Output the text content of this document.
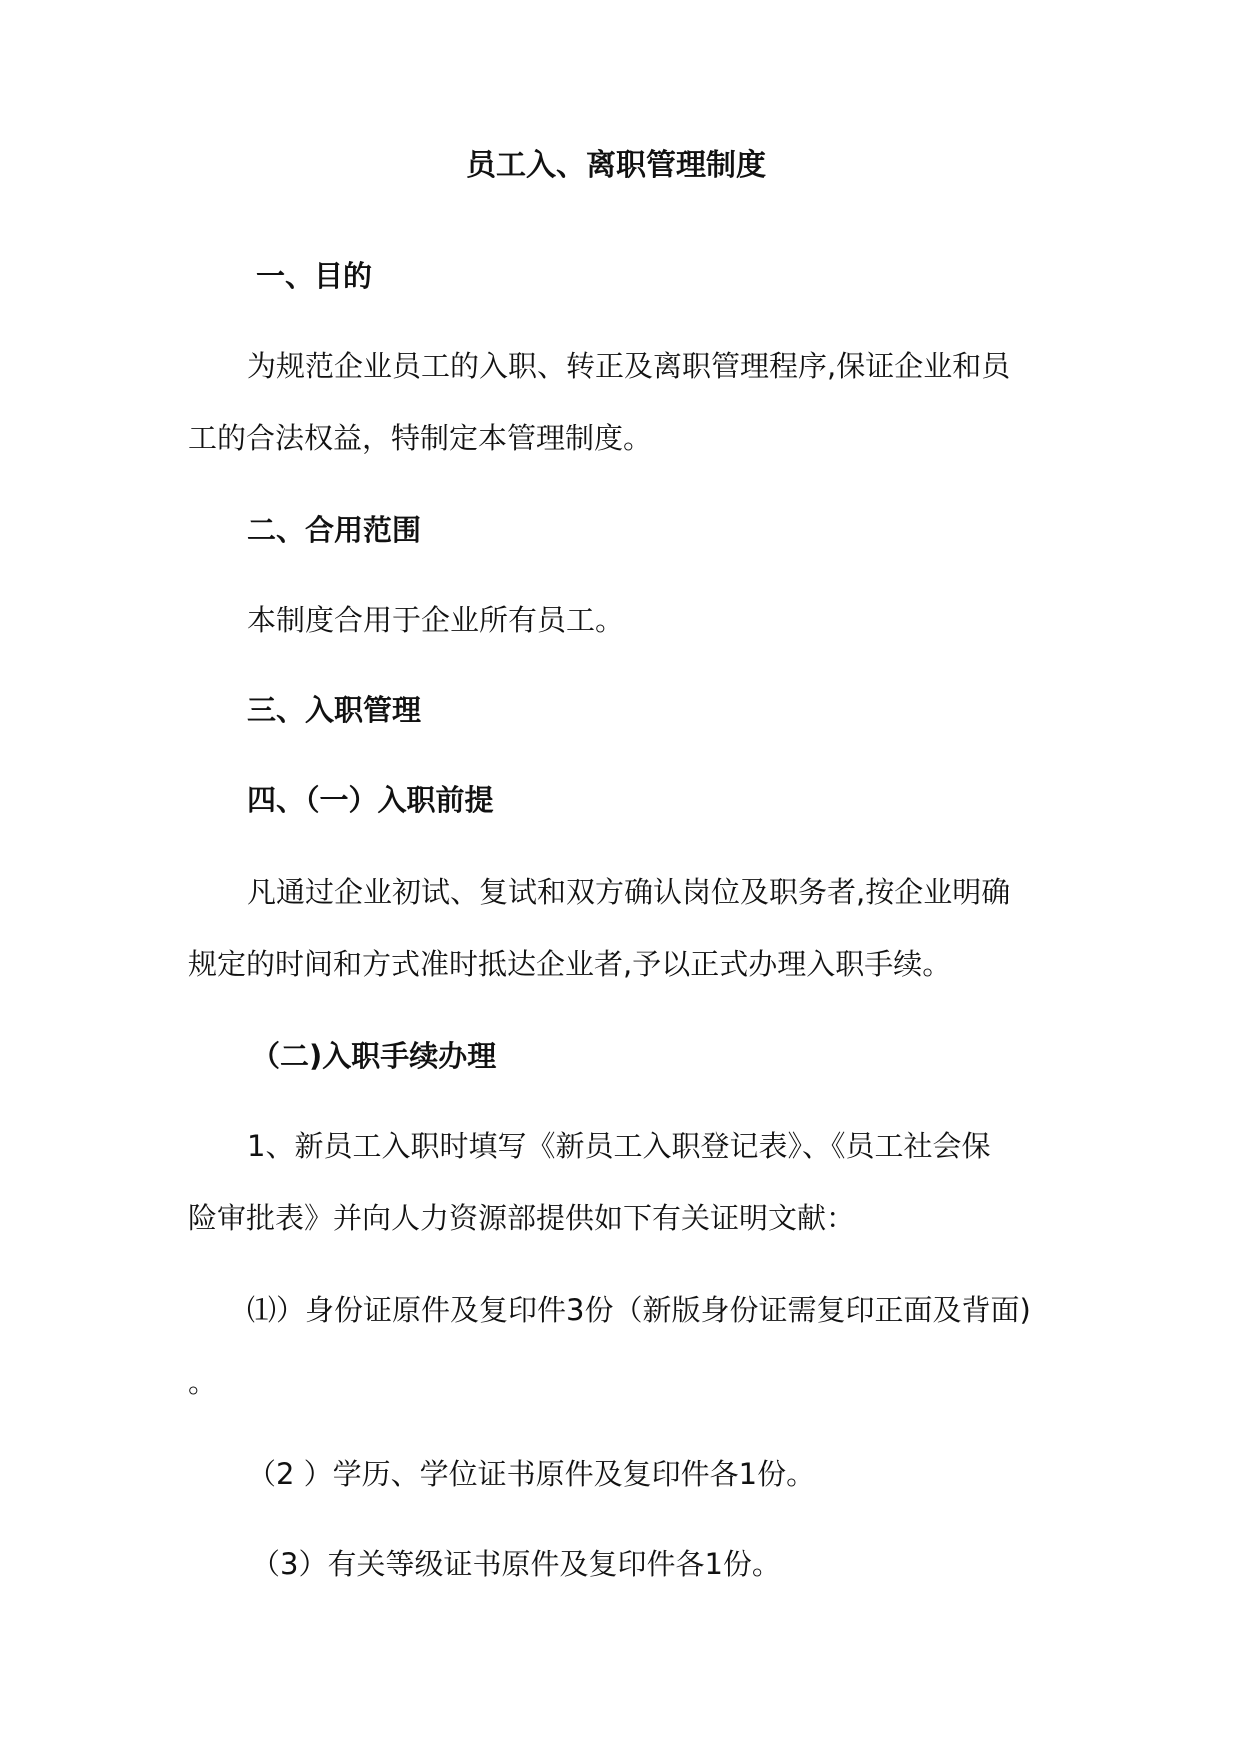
员工入、离职管理制度
一、目的
为规范企业员工的入职、转正及离职管理程序,保证企业和员
工的合法权益，特制定本管理制度。
二、合用范围
本制度合用于企业所有员工。
三、入职管理
四、（一）入职前提
凡通过企业初试、复试和双方确认岗位及职务者,按企业明确
规定的时间和方式准时抵达企业者,予以正式办理入职手续。
（二)入职手续办理
1、新员工入职时填写《新员工入职登记表》、《员工社会保
险审批表》并向人力资源部提供如下有关证明文献：
⑴）身份证原件及复印件3份（新版身份证需复印正面及背面)
。
（2 ）学历、学位证书原件及复印件各1份。
（3）有关等级证书原件及复印件各1份。
